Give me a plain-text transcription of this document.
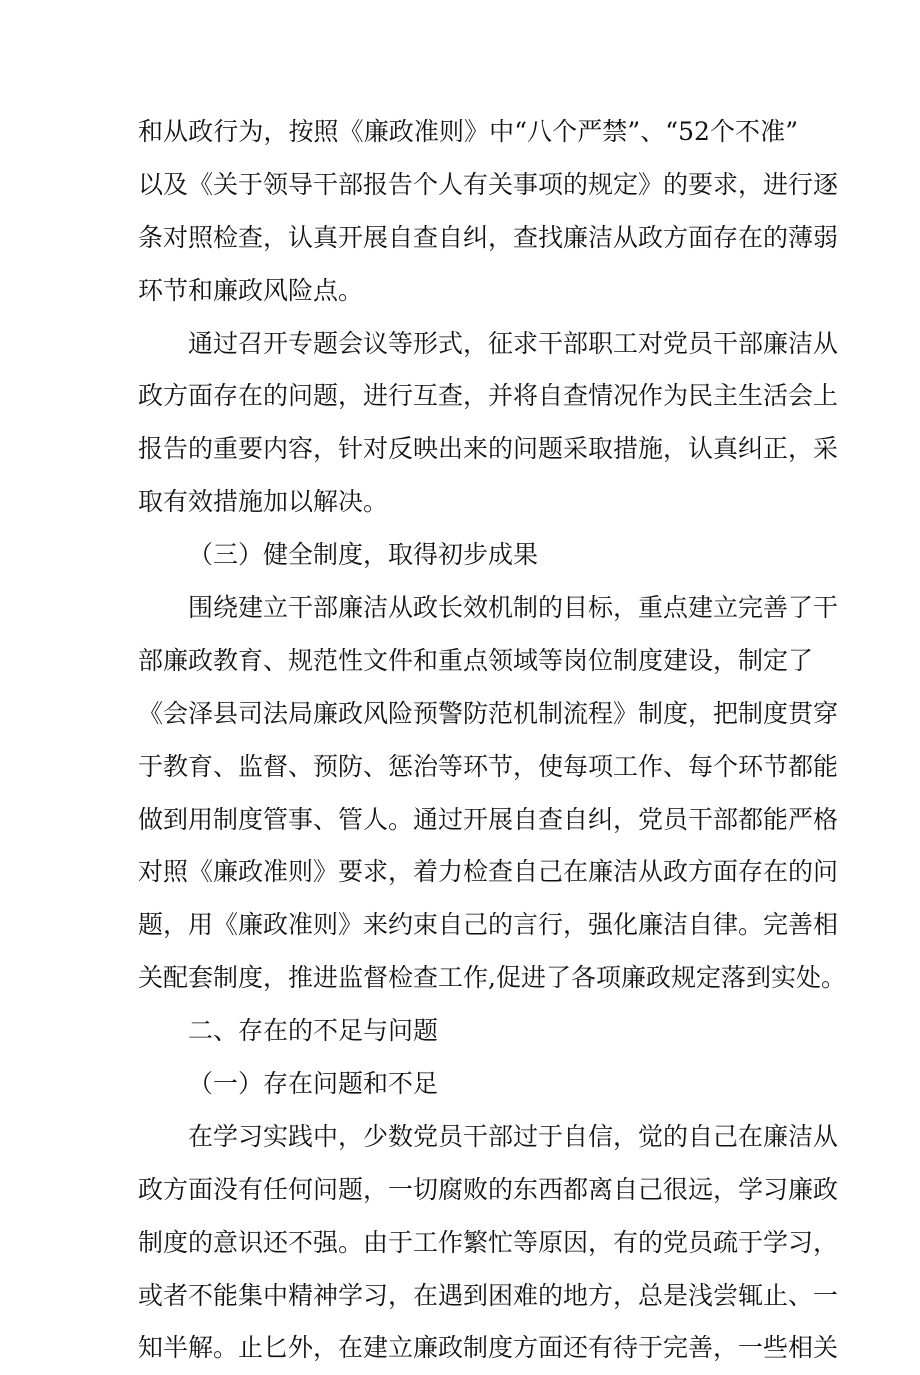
和从政行为，按照《廉政准则》中“八个严禁”、“52个不准”
以及《关于领导干部报告个人有关事项的规定》的要求，进行逐
条对照检查，认真开展自查自纠，查找廉洁从政方面存在的薄弱
环节和廉政风险点。
通过召开专题会议等形式，征求干部职工对党员干部廉洁从
政方面存在的问题，进行互查，并将自查情况作为民主生活会上
报告的重要内容，针对反映出来的问题采取措施，认真纠正，采
取有效措施加以解决。
（三）健全制度，取得初步成果
围绕建立干部廉洁从政长效机制的目标，重点建立完善了干
部廉政教育、规范性文件和重点领域等岗位制度建设，制定了
《会泽县司法局廉政风险预警防范机制流程》制度，把制度贯穿
于教育、监督、预防、惩治等环节，使每项工作、每个环节都能
做到用制度管事、管人。通过开展自查自纠，党员干部都能严格
对照《廉政准则》要求，着力检查自己在廉洁从政方面存在的问
题，用《廉政准则》来约束自己的言行，强化廉洁自律。完善相
关配套制度，推进监督检查工作,促进了各项廉政规定落到实处。
二、存在的不足与问题
（一）存在问题和不足
在学习实践中，少数党员干部过于自信，觉的自己在廉洁从
政方面没有任何问题，一切腐败的东西都离自己很远，学习廉政
制度的意识还不强。由于工作繁忙等原因，有的党员疏于学习，
或者不能集中精神学习，在遇到困难的地方，总是浅尝辄止、一
知半解。止匕外，在建立廉政制度方面还有待于完善，一些相关
